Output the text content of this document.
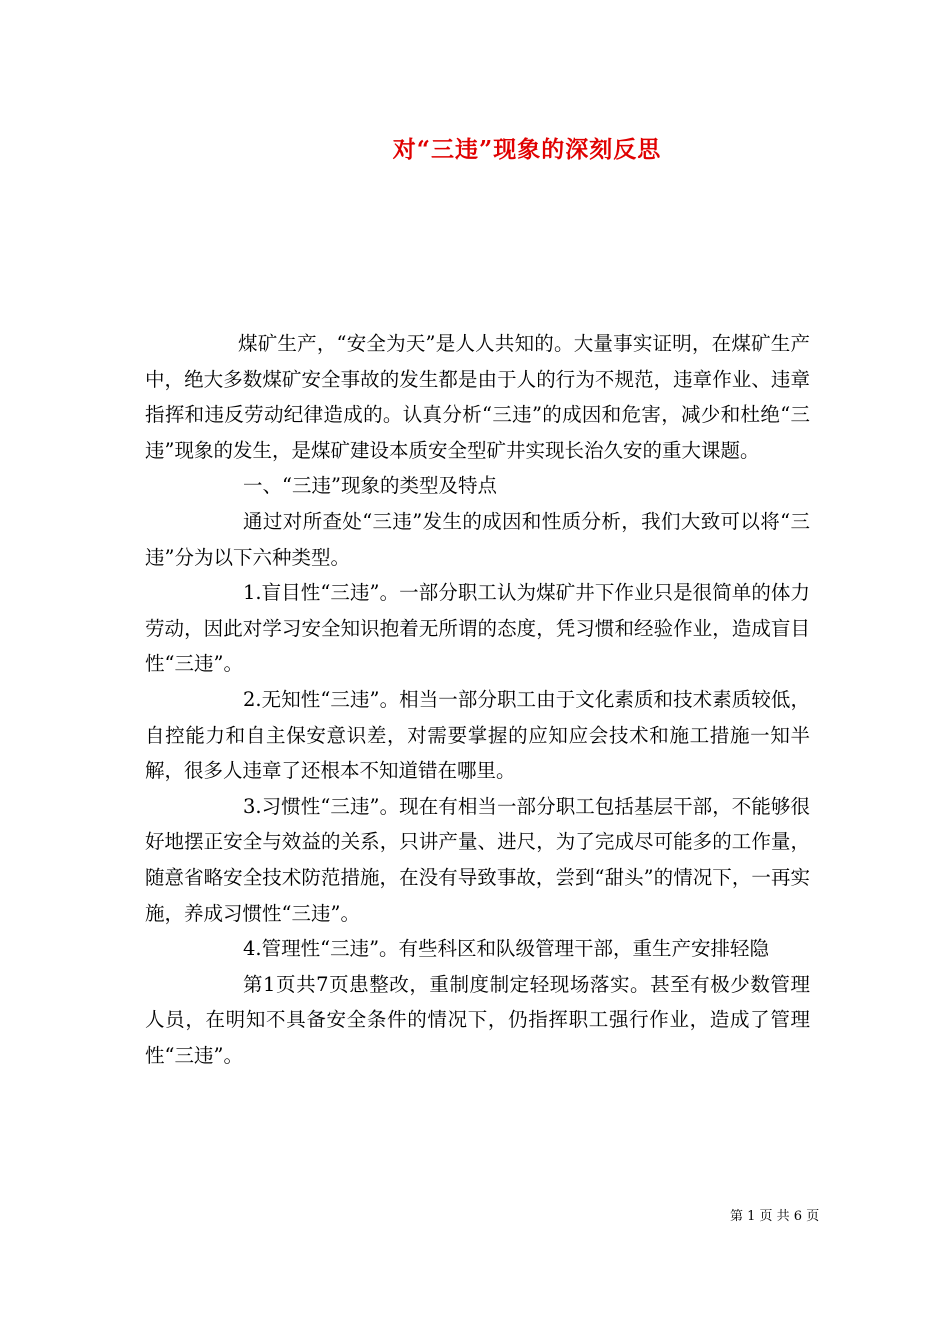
对“三违”现象的深刻反思

煤矿生产，“安全为天”是人人共知的。大量事实证明，在煤矿生产中，绝大多数煤矿安全事故的发生都是由于人的行为不规范，违章作业、违章指挥和违反劳动纪律造成的。认真分析“三违”的成因和危害，减少和杜绝“三违”现象的发生，是煤矿建设本质安全型矿井实现长治久安的重大课题。

一、“三违”现象的类型及特点

通过对所查处“三违”发生的成因和性质分析，我们大致可以将“三违”分为以下六种类型。

1.盲目性“三违”。一部分职工认为煤矿井下作业只是很简单的体力劳动，因此对学习安全知识抱着无所谓的态度，凭习惯和经验作业，造成盲目性“三违”。

2.无知性“三违”。相当一部分职工由于文化素质和技术素质较低，自控能力和自主保安意识差，对需要掌握的应知应会技术和施工措施一知半解，很多人违章了还根本不知道错在哪里。

3.习惯性“三违”。现在有相当一部分职工包括基层干部，不能够很好地摆正安全与效益的关系，只讲产量、进尺，为了完成尽可能多的工作量，随意省略安全技术防范措施，在没有导致事故，尝到“甜头”的情况下，一再实施，养成习惯性“三违”。

4.管理性“三违”。有些科区和队级管理干部，重生产安排轻隐

第1页共7页患整改，重制度制定轻现场落实。甚至有极少数管理人员，在明知不具备安全条件的情况下，仍指挥职工强行作业，造成了管理性“三违”。

第 1 页 共 6 页
